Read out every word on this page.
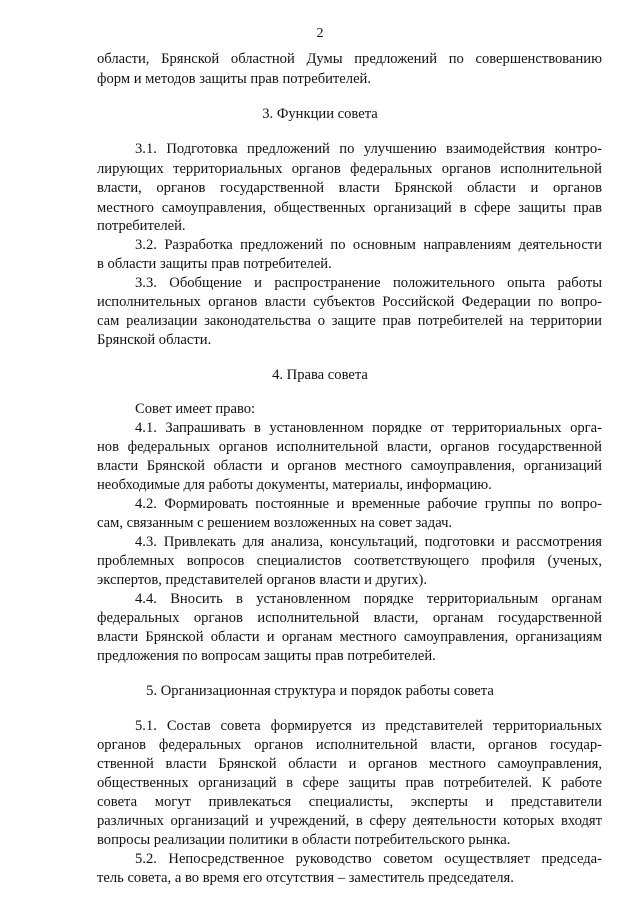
2
области, Брянской областной Думы предложений по совершенствованию
форм и методов защиты прав потребителей.
3. Функции совета
3.1. Подготовка предложений по улучшению взаимодействия контро-
лирующих территориальных органов федеральных органов исполнительной
власти, органов государственной власти Брянской области и органов
местного самоуправления, общественных организаций в сфере защиты прав
потребителей.
3.2. Разработка предложений по основным направлениям деятельности
в области защиты прав потребителей.
3.3. Обобщение и распространение положительного опыта работы
исполнительных органов власти субъектов Российской Федерации по вопро-
сам реализации законодательства о защите прав потребителей на территории
Брянской области.
4. Права совета
Совет имеет право:
4.1. Запрашивать в установленном порядке от территориальных орга-
нов федеральных органов исполнительной власти, органов государственной
власти Брянской области и органов местного самоуправления, организаций
необходимые для работы документы, материалы, информацию.
4.2. Формировать постоянные и временные рабочие группы по вопро-
сам, связанным с решением возложенных на совет задач.
4.3. Привлекать для анализа, консультаций, подготовки и рассмотрения
проблемных вопросов специалистов соответствующего профиля (ученых,
экспертов, представителей органов власти и других).
4.4. Вносить в установленном порядке территориальным органам
федеральных органов исполнительной власти, органам государственной
власти Брянской области и органам местного самоуправления, организациям
предложения по вопросам защиты прав потребителей.
5. Организационная структура и порядок работы совета
5.1. Состав совета формируется из представителей территориальных
органов федеральных органов исполнительной власти, органов государ-
ственной власти Брянской области и органов местного самоуправления,
общественных организаций в сфере защиты прав потребителей. К работе
совета могут привлекаться специалисты, эксперты и представители
различных организаций и учреждений, в сферу деятельности которых входят
вопросы реализации политики в области потребительского рынка.
5.2. Непосредственное руководство советом осуществляет председа-
тель совета, а во время его отсутствия – заместитель председателя.
